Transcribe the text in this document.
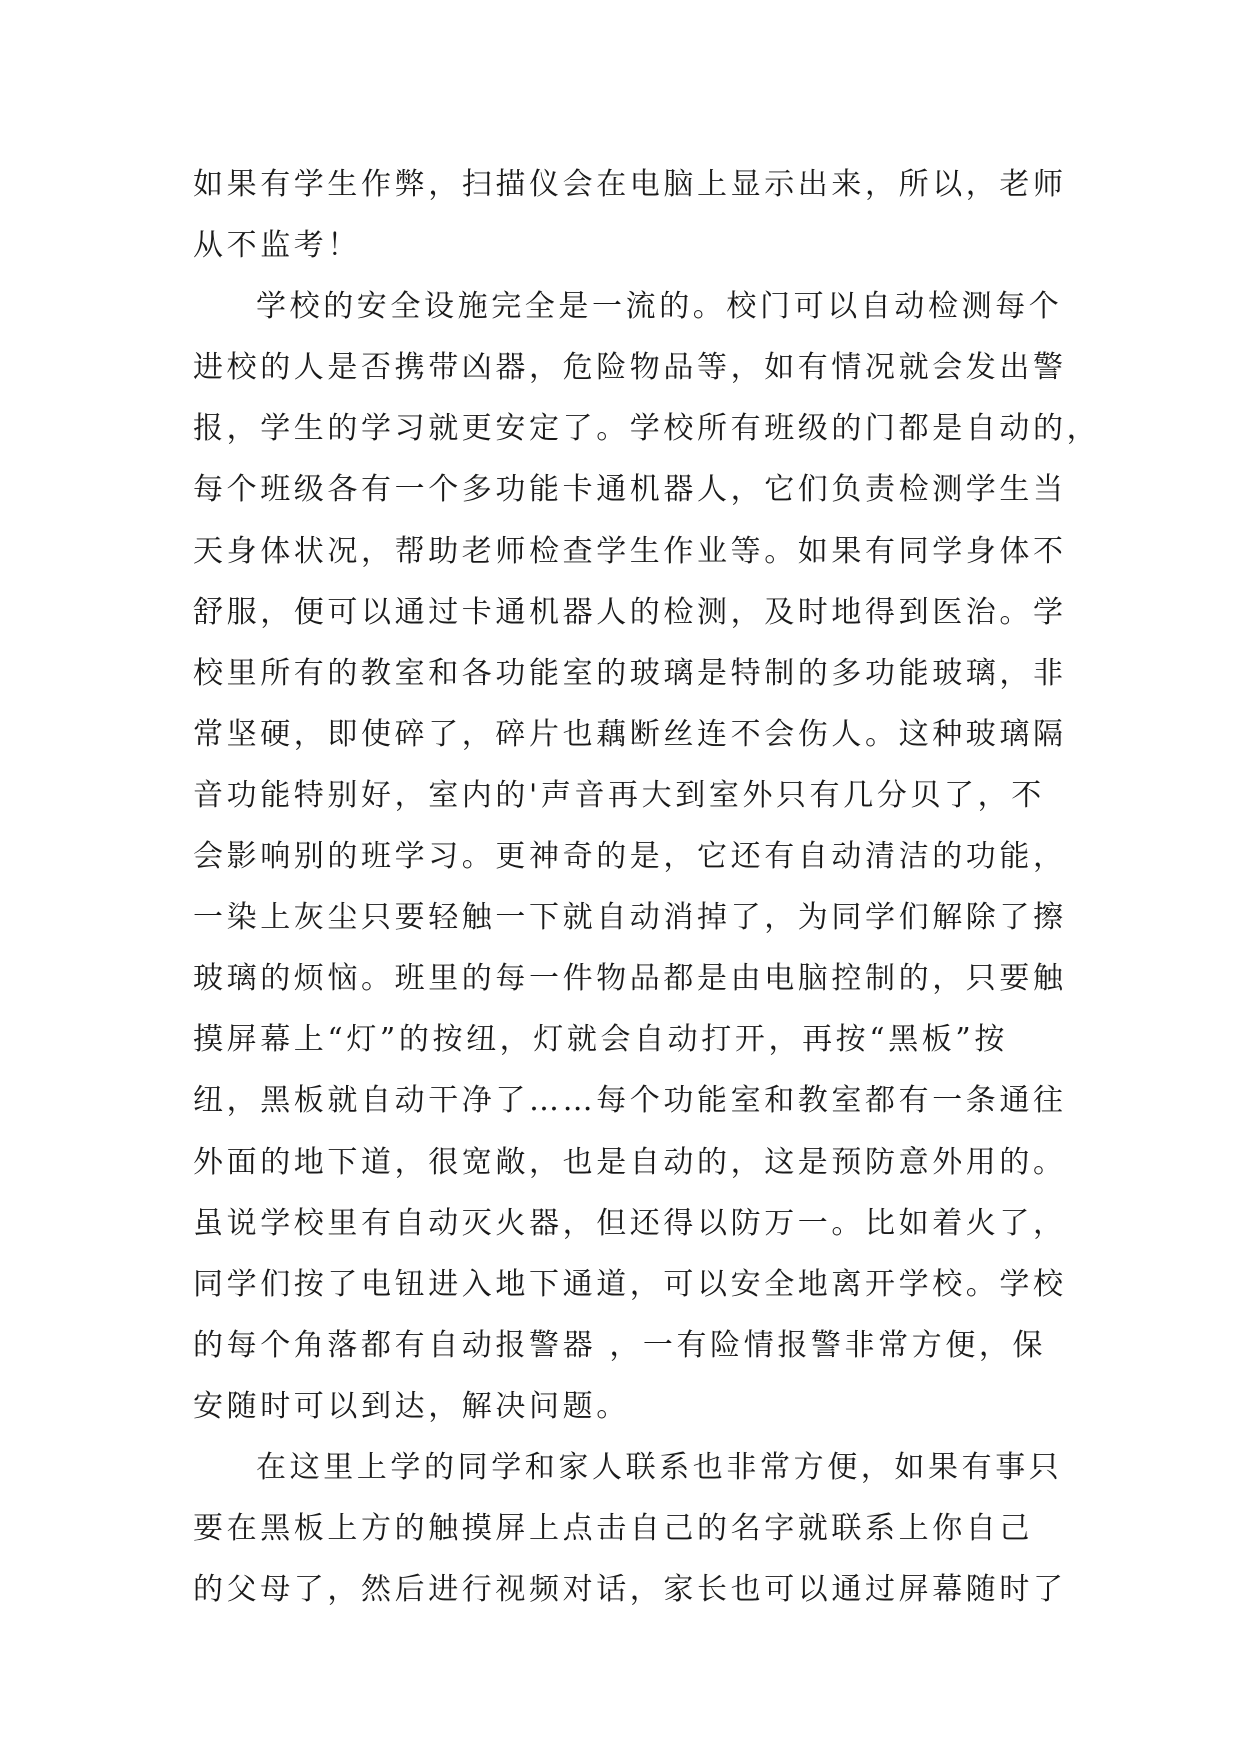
如果有学生作弊，扫描仪会在电脑上显示出来，所以，老师
从不监考！
学校的安全设施完全是一流的。校门可以自动检测每个
进校的人是否携带凶器，危险物品等，如有情况就会发出警
报，学生的学习就更安定了。学校所有班级的门都是自动的，
每个班级各有一个多功能卡通机器人，它们负责检测学生当
天身体状况，帮助老师检查学生作业等。如果有同学身体不
舒服，便可以通过卡通机器人的检测，及时地得到医治。学
校里所有的教室和各功能室的玻璃是特制的多功能玻璃，非
常坚硬，即使碎了，碎片也藕断丝连不会伤人。这种玻璃隔
音功能特别好，室内的'声音再大到室外只有几分贝了，不
会影响别的班学习。更神奇的是，它还有自动清洁的功能，
一染上灰尘只要轻触一下就自动消掉了，为同学们解除了擦
玻璃的烦恼。班里的每一件物品都是由电脑控制的，只要触
摸屏幕上“灯”的按纽，灯就会自动打开，再按“黑板”按
纽，黑板就自动干净了……每个功能室和教室都有一条通往
外面的地下道，很宽敞，也是自动的，这是预防意外用的。
虽说学校里有自动灭火器，但还得以防万一。比如着火了，
同学们按了电钮进入地下通道，可以安全地离开学校。学校
的每个角落都有自动报警器 ，一有险情报警非常方便，保
安随时可以到达，解决问题。
在这里上学的同学和家人联系也非常方便，如果有事只
要在黑板上方的触摸屏上点击自己的名字就联系上你自己
的父母了，然后进行视频对话，家长也可以通过屏幕随时了
